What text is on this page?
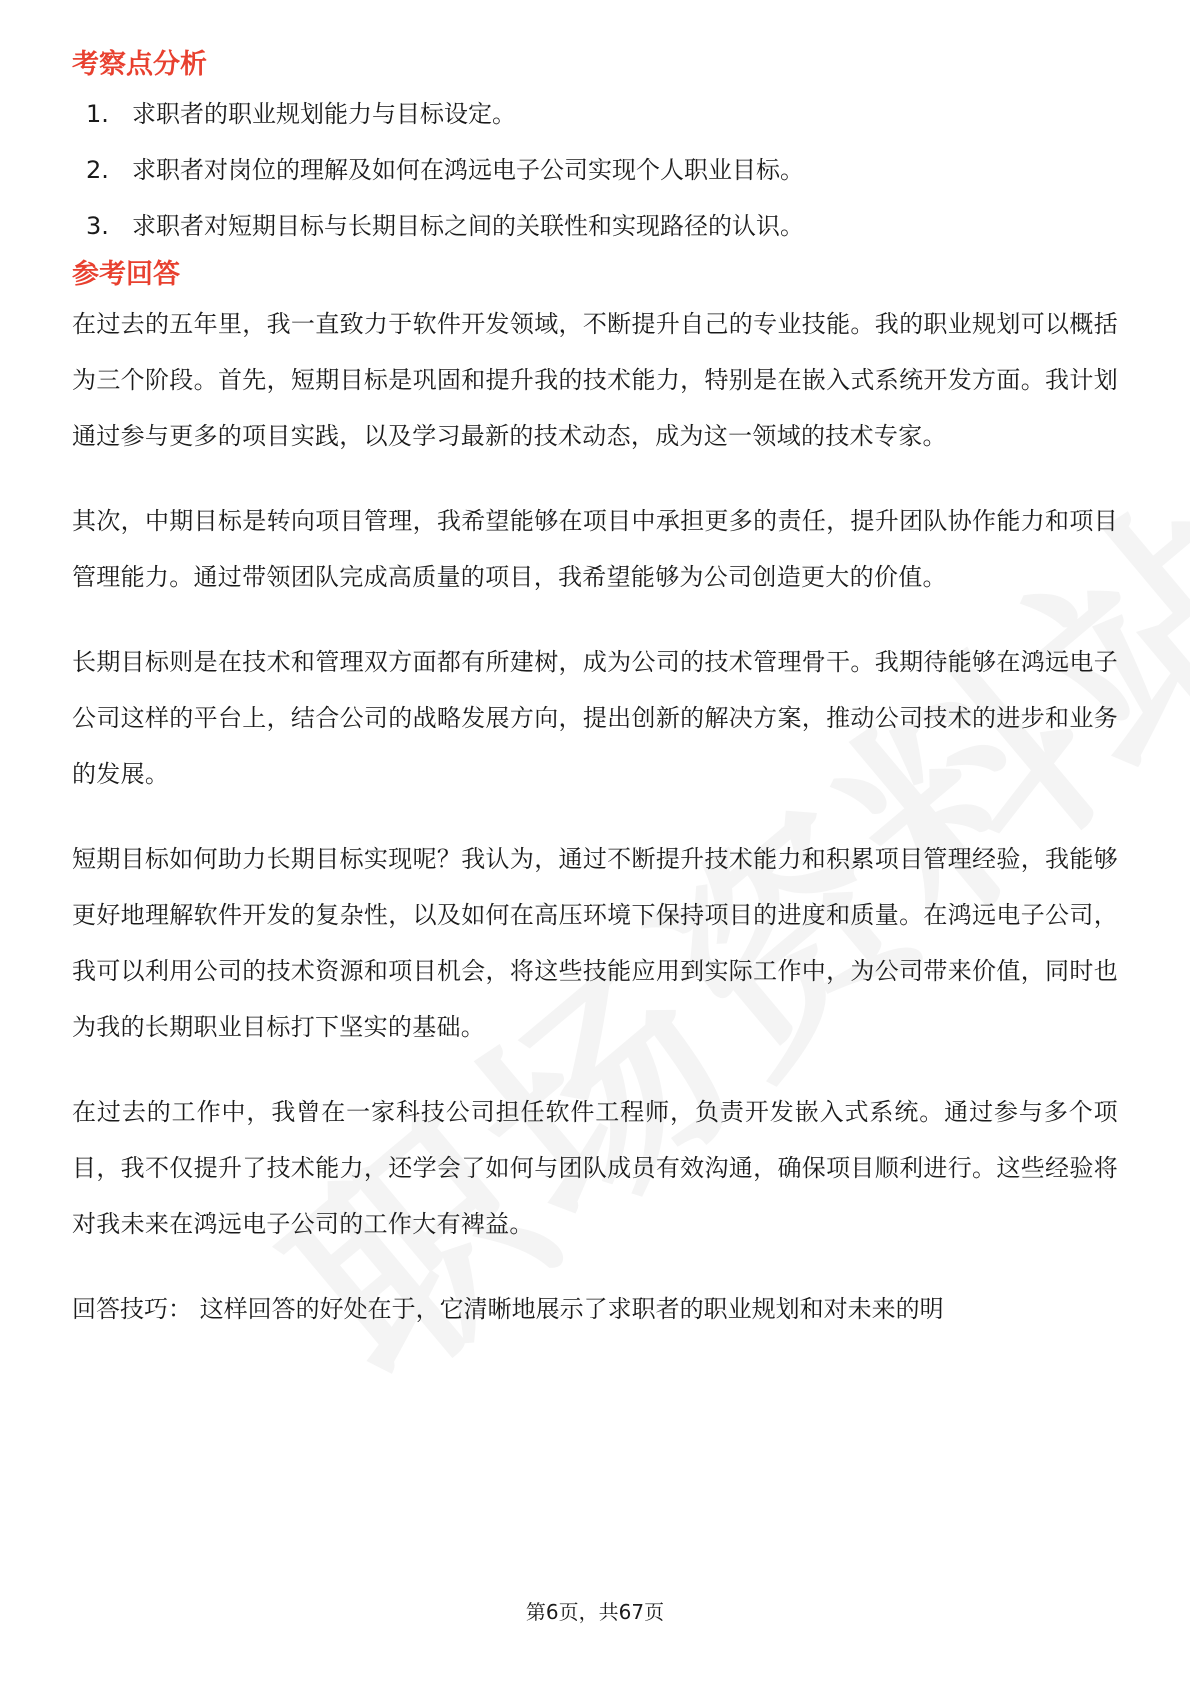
考察点分析
1. 求职者的职业规划能力与目标设定。
2. 求职者对岗位的理解及如何在鸿远电子公司实现个人职业目标。
3. 求职者对短期目标与长期目标之间的关联性和实现路径的认识。
参考回答

在过去的五年里，我一直致力于软件开发领域，不断提升自己的专业技能。我的职业规划可以概括为三个阶段。首先，短期目标是巩固和提升我的技术能力，特别是在嵌入式系统开发方面。我计划通过参与更多的项目实践，以及学习最新的技术动态，成为这一领域的技术专家。

其次，中期目标是转向项目管理，我希望能够在项目中承担更多的责任，提升团队协作能力和项目管理能力。通过带领团队完成高质量的项目，我希望能够为公司创造更大的价值。

长期目标则是在技术和管理双方面都有所建树，成为公司的技术管理骨干。我期待能够在鸿远电子公司这样的平台上，结合公司的战略发展方向，提出创新的解决方案，推动公司技术的进步和业务的发展。

短期目标如何助力长期目标实现呢？我认为，通过不断提升技术能力和积累项目管理经验，我能够更好地理解软件开发的复杂性，以及如何在高压环境下保持项目的进度和质量。在鸿远电子公司，我可以利用公司的技术资源和项目机会，将这些技能应用到实际工作中，为公司带来价值，同时也为我的长期职业目标打下坚实的基础。

在过去的工作中，我曾在一家科技公司担任软件工程师，负责开发嵌入式系统。通过参与多个项目，我不仅提升了技术能力，还学会了如何与团队成员有效沟通，确保项目顺利进行。这些经验将对我未来在鸿远电子公司的工作大有裨益。

回答技巧： 这样回答的好处在于，它清晰地展示了求职者的职业规划和对未来的明

第6页，共67页
